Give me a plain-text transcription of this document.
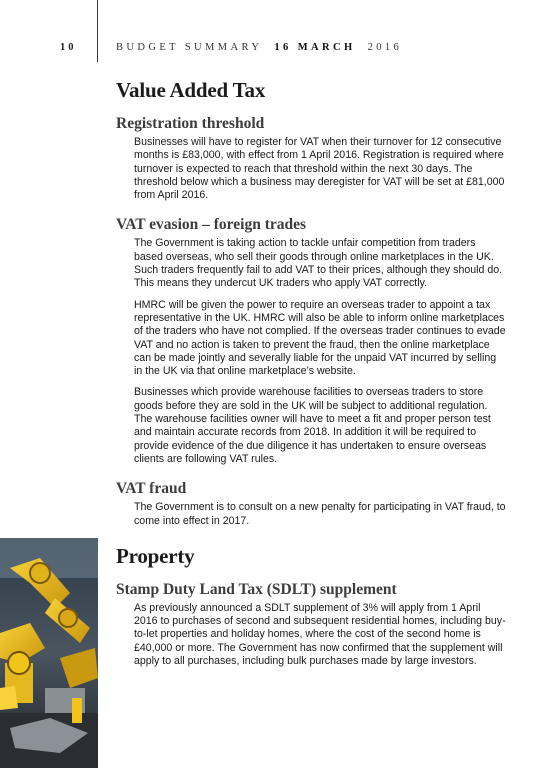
10	BUDGET SUMMARY 16 MARCH 2016
Value Added Tax
Registration threshold

Businesses will have to register for VAT when their turnover for 12 consecutive months is £83,000, with effect from 1 April 2016. Registration is required where turnover is expected to reach that threshold within the next 30 days. The threshold below which a business may deregister for VAT will be set at £81,000 from April 2016.

VAT evasion – foreign trades

The Government is taking action to tackle unfair competition from traders based overseas, who sell their goods through online marketplaces in the UK. Such traders frequently fail to add VAT to their prices, although they should do. This means they undercut UK traders who apply VAT correctly.

HMRC will be given the power to require an overseas trader to appoint a tax representative in the UK. HMRC will also be able to inform online marketplaces of the traders who have not complied. If the overseas trader continues to evade VAT and no action is taken to prevent the fraud, then the online marketplace can be made jointly and severally liable for the unpaid VAT incurred by selling in the UK via that online marketplace’s website.

Businesses which provide warehouse facilities to overseas traders to store goods before they are sold in the UK will be subject to additional regulation. The warehouse facilities owner will have to meet a fit and proper person test and maintain accurate records from 2018. In addition it will be required to provide evidence of the due diligence it has undertaken to ensure overseas clients are following VAT rules.

VAT fraud

The Government is to consult on a new penalty for participating in VAT fraud, to come into effect in 2017.

Property
Stamp Duty Land Tax (SDLT) supplement

As previously announced a SDLT supplement of 3% will apply from 1 April 2016 to purchases of second and subsequent residential homes, including buy-to-let properties and holiday homes, where the cost of the second home is £40,000 or more. The Government has now confirmed that the supplement will apply to all purchases, including bulk purchases made by large investors.
